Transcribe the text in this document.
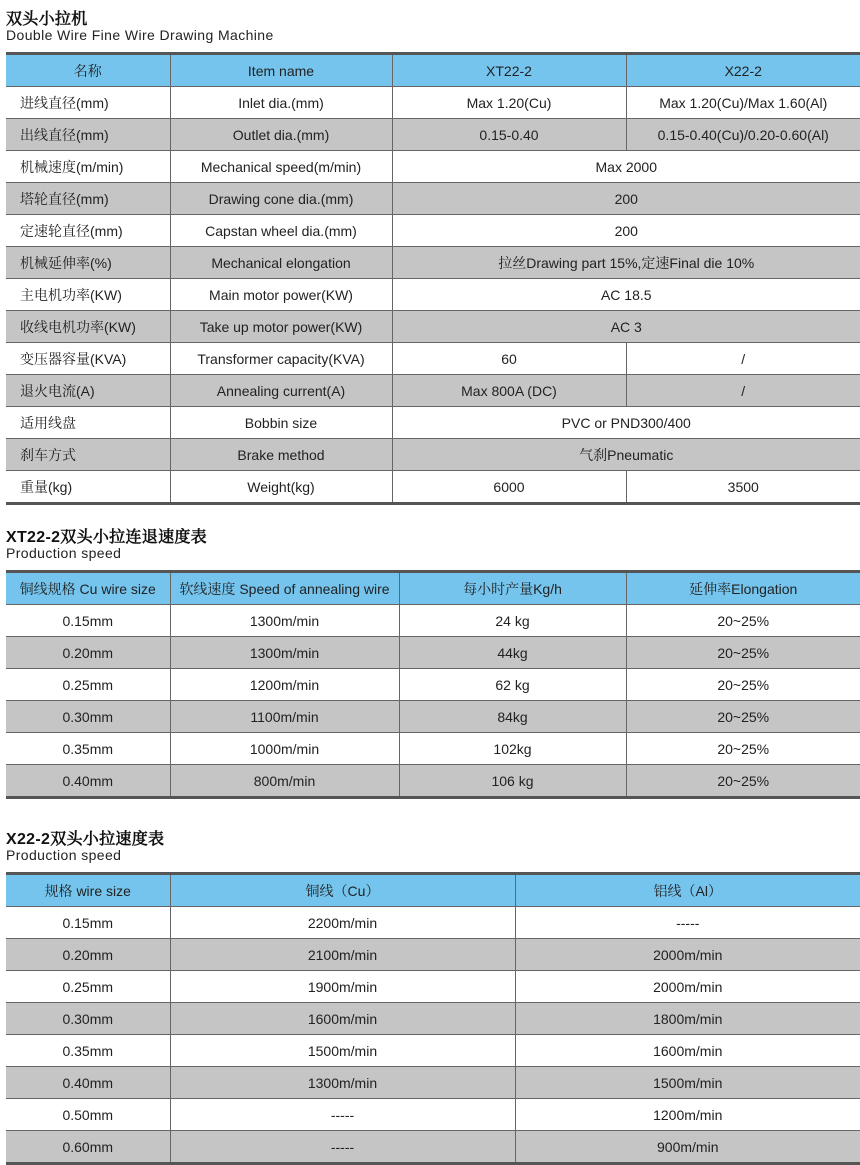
双头小拉机
Double Wire Fine Wire Drawing Machine
名称	Item name	XT22-2	X22-2
进线直径(mm)	Inlet dia.(mm)	Max 1.20(Cu)	Max 1.20(Cu)/Max 1.60(Al)
出线直径(mm)	Outlet dia.(mm)	0.15-0.40	0.15-0.40(Cu)/0.20-0.60(Al)
机械速度(m/min)	Mechanical speed(m/min)	Max 2000	
塔轮直径(mm)	Drawing cone dia.(mm)	200	
定速轮直径(mm)	Capstan wheel dia.(mm)	200	
机械延伸率(%)	Mechanical elongation	拉丝Drawing part 15%,定速Final die 10%	
主电机功率(KW)	Main motor power(KW)	AC 18.5	
收线电机功率(KW)	Take up motor power(KW)	AC 3	
变压器容量(KVA)	Transformer capacity(KVA)	60	/
退火电流(A)	Annealing current(A)	Max 800A (DC)	/
适用线盘	Bobbin size	PVC or PND300/400	
刹车方式	Brake method	气刹Pneumatic	
重量(kg)	Weight(kg)	6000	3500
XT22-2双头小拉连退速度表
Production speed
铜线规格 Cu wire size	软线速度 Speed of annealing wire	每小时产量Kg/h	延伸率Elongation
0.15mm	1300m/min	24 kg	20~25%
0.20mm	1300m/min	44kg	20~25%
0.25mm	1200m/min	62 kg	20~25%
0.30mm	1100m/min	84kg	20~25%
0.35mm	1000m/min	102kg	20~25%
0.40mm	800m/min	106 kg	20~25%
X22-2双头小拉速度表
Production speed
规格 wire size	铜线（Cu）	铝线（Al）
0.15mm	2200m/min	-----
0.20mm	2100m/min	2000m/min
0.25mm	1900m/min	2000m/min
0.30mm	1600m/min	1800m/min
0.35mm	1500m/min	1600m/min
0.40mm	1300m/min	1500m/min
0.50mm	-----	1200m/min
0.60mm	-----	900m/min
